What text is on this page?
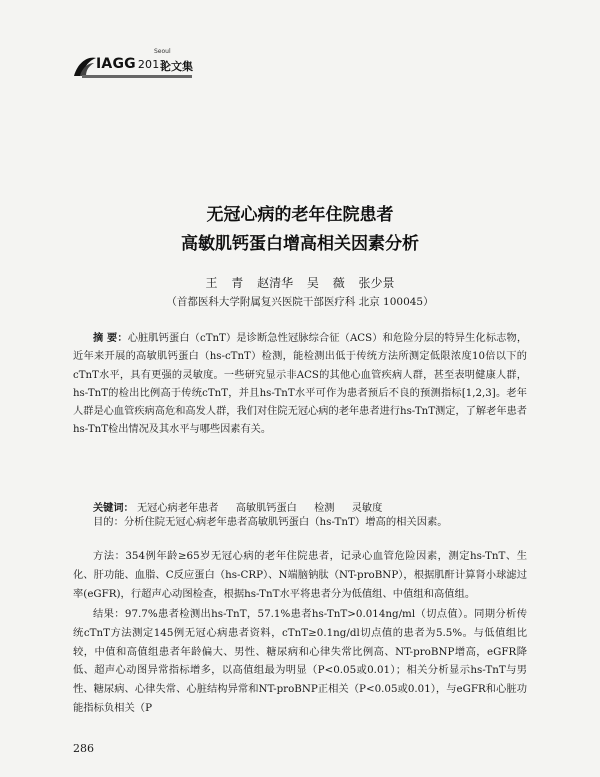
IAGG 2013
Seoul
论文集
无冠心病的老年住院患者
高敏肌钙蛋白增高相关因素分析
王 青 赵清华 吴 薇 张少景
（首都医科大学附属复兴医院干部医疗科 北京 100045）
摘 要：心脏肌钙蛋白（cTnT）是诊断急性冠脉综合征（ACS）和危险分层的特异生化标志物，近年来开展的高敏肌钙蛋白（hs-cTnT）检测，能检测出低于传统方法所测定低限浓度10倍以下的cTnT水平，具有更强的灵敏度。一些研究显示非ACS的其他心血管疾病人群，甚至表明健康人群，hs-TnT的检出比例高于传统cTnT，并且hs-TnT水平可作为患者预后不良的预测指标[1,2,3]。老年人群是心血管疾病高危和高发人群，我们对住院无冠心病的老年患者进行hs-TnT测定，了解老年患者hs-TnT检出情况及其水平与哪些因素有关。
关键词： 无冠心病老年患者 高敏肌钙蛋白 检测 灵敏度
目的：分析住院无冠心病老年患者高敏肌钙蛋白（hs-TnT）增高的相关因素。
方法：354例年龄≥65岁无冠心病的老年住院患者，记录心血管危险因素，测定hs-TnT、生化、肝功能、血脂、C反应蛋白（hs-CRP）、N端脑钠肽（NT-proBNP），根据肌酐计算肾小球滤过率(eGFR)，行超声心动图检查，根据hs-TnT水平将患者分为低值组、中值组和高值组。
结果：97.7%患者检测出hs-TnT，57.1%患者hs-TnT>0.014ng/ml（切点值）。同期分析传统cTnT方法测定145例无冠心病患者资料，cTnT≥0.1ng/dl切点值的患者为5.5%。与低值组比较，中值和高值组患者年龄偏大、男性、糖尿病和心律失常比例高、NT-proBNP增高，eGFR降低、超声心动图异常指标增多，以高值组最为明显（P<0.05或0.01）；相关分析显示hs-TnT与男性、糖尿病、心律失常、心脏结构异常和NT-proBNP正相关（P<0.05或0.01），与eGFR和心脏功能指标负相关（P
286
